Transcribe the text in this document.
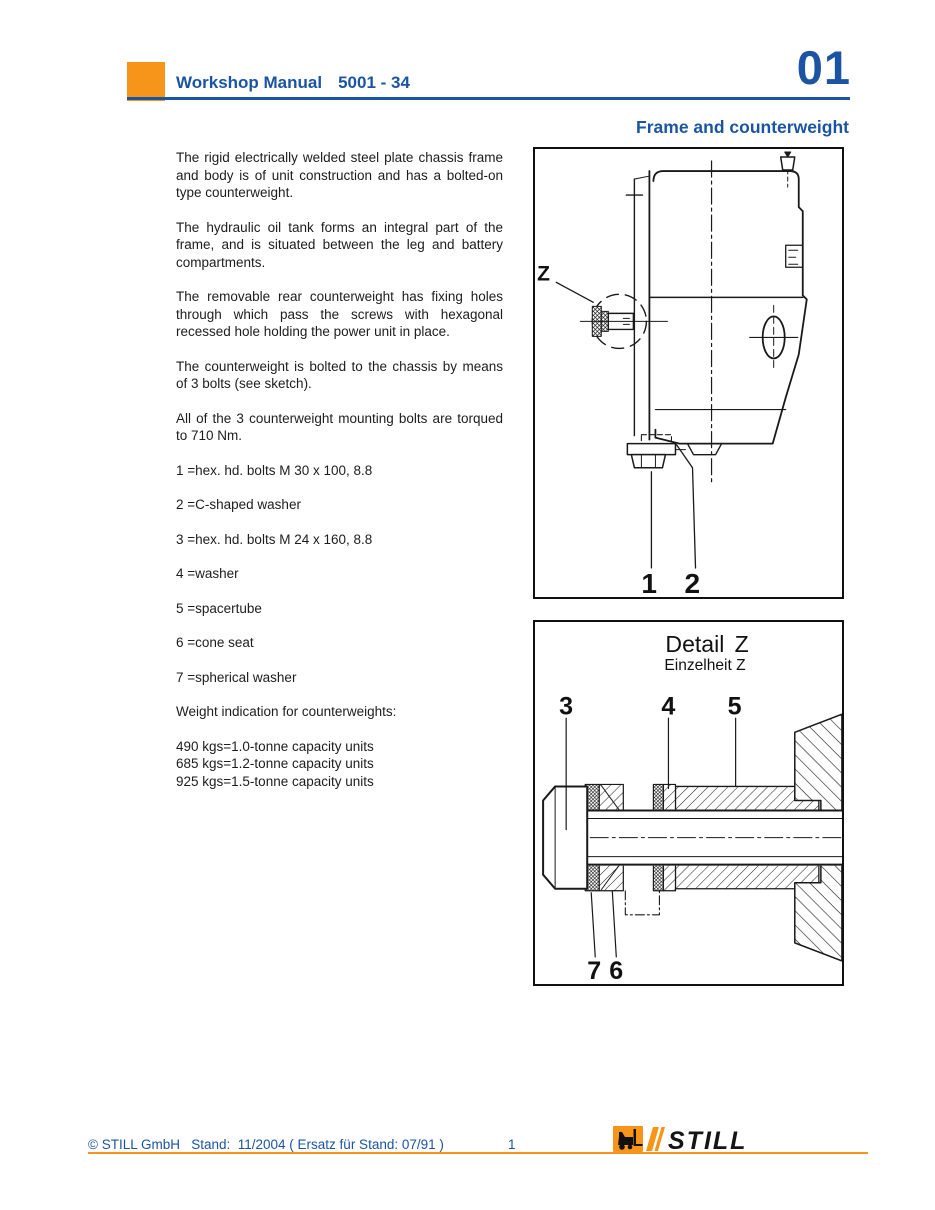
Workshop Manual 5001 - 34	01
Frame and counterweight

The rigid electrically welded steel plate chassis frame and body is of unit construction and has a bolted-on type counterweight.

The hydraulic oil tank forms an integral part of the frame, and is situated between the leg and battery compartments.

The removable rear counterweight has fixing holes through which pass the screws with hexagonal recessed hole holding the power unit in place.

The counterweight is bolted to the chassis by means of 3 bolts (see sketch).

All of the 3 counterweight mounting bolts are torqued to 710 Nm.

1 =hex. hd. bolts M 30 x 100, 8.8

2 =C-shaped washer

3 =hex. hd. bolts M 24 x 160, 8.8

4 =washer

5 =spacertube

6 =cone seat

7 =spherical washer

Weight indication for counterweights:

490 kgs=1.0-tonne capacity units

685 kgs=1.2-tonne capacity units

925 kgs=1.5-tonne capacity units

Z
1 2
Detail Z
Einzelheit Z
3	4 5
7 6
© STILL GmbH   Stand:  11/2004 ( Ersatz für Stand: 07/91 )	1	STILL
